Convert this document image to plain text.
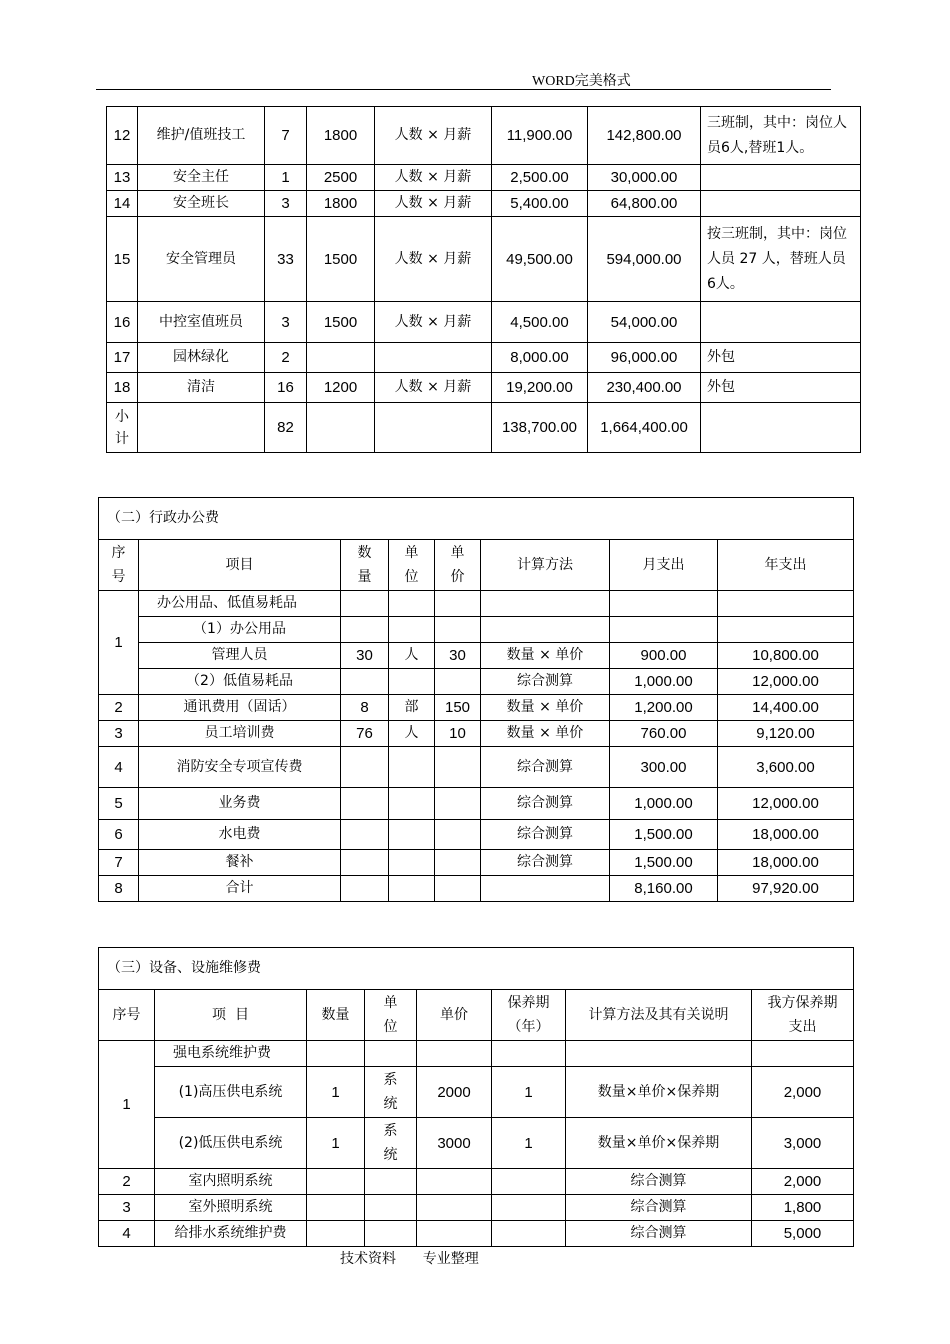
WORD完美格式
12	维护/值班技工	7	1800	人数 × 月薪	11,900.00	142,800.00	三班制，其中：岗位人员6人,替班1人。
13	安全主任	1	2500	人数 × 月薪	2,500.00	30,000.00	
14	安全班长	3	1800	人数 × 月薪	5,400.00	64,800.00	
15	安全管理员	33	1500	人数 × 月薪	49,500.00	594,000.00	按三班制，其中：岗位人员 27 人，替班人员6人。
16	中控室值班员	3	1500	人数 × 月薪	4,500.00	54,000.00	
17	园林绿化	2			8,000.00	96,000.00	外包
18	清洁	16	1200	人数 × 月薪	19,200.00	230,400.00	外包
小计		82			138,700.00	1,664,400.00	
（二）行政办公费							
序号	项目	数量	单位	单价	计算方法	月支出	年支出
1	办公用品、低值易耗品						
	（1）办公用品						
	管理人员	30	人	30	数量 × 单价	900.00	10,800.00
	（2）低值易耗品				综合测算	1,000.00	12,000.00
2	通讯费用（固话）	8	部	150	数量 × 单价	1,200.00	14,400.00
3	员工培训费	76	人	10	数量 × 单价	760.00	9,120.00
4	消防安全专项宣传费				综合测算	300.00	3,600.00
5	业务费				综合测算	1,000.00	12,000.00
6	水电费				综合测算	1,500.00	18,000.00
7	餐补				综合测算	1,500.00	18,000.00
8	合计					8,160.00	97,920.00
（三）设备、设施维修费							
序号	项  目	数量	单位	单价	保养期（年）	计算方法及其有关说明	我方保养期支出
1	强电系统维护费						
	(1)高压供电系统	1	系统	2000	1	数量×单价×保养期	2,000
	(2)低压供电系统	1	系统	3000	1	数量×单价×保养期	3,000
2	室内照明系统					综合测算	2,000
3	室外照明系统					综合测算	1,800
4	给排水系统维护费					综合测算	5,000
技术资料      专业整理
